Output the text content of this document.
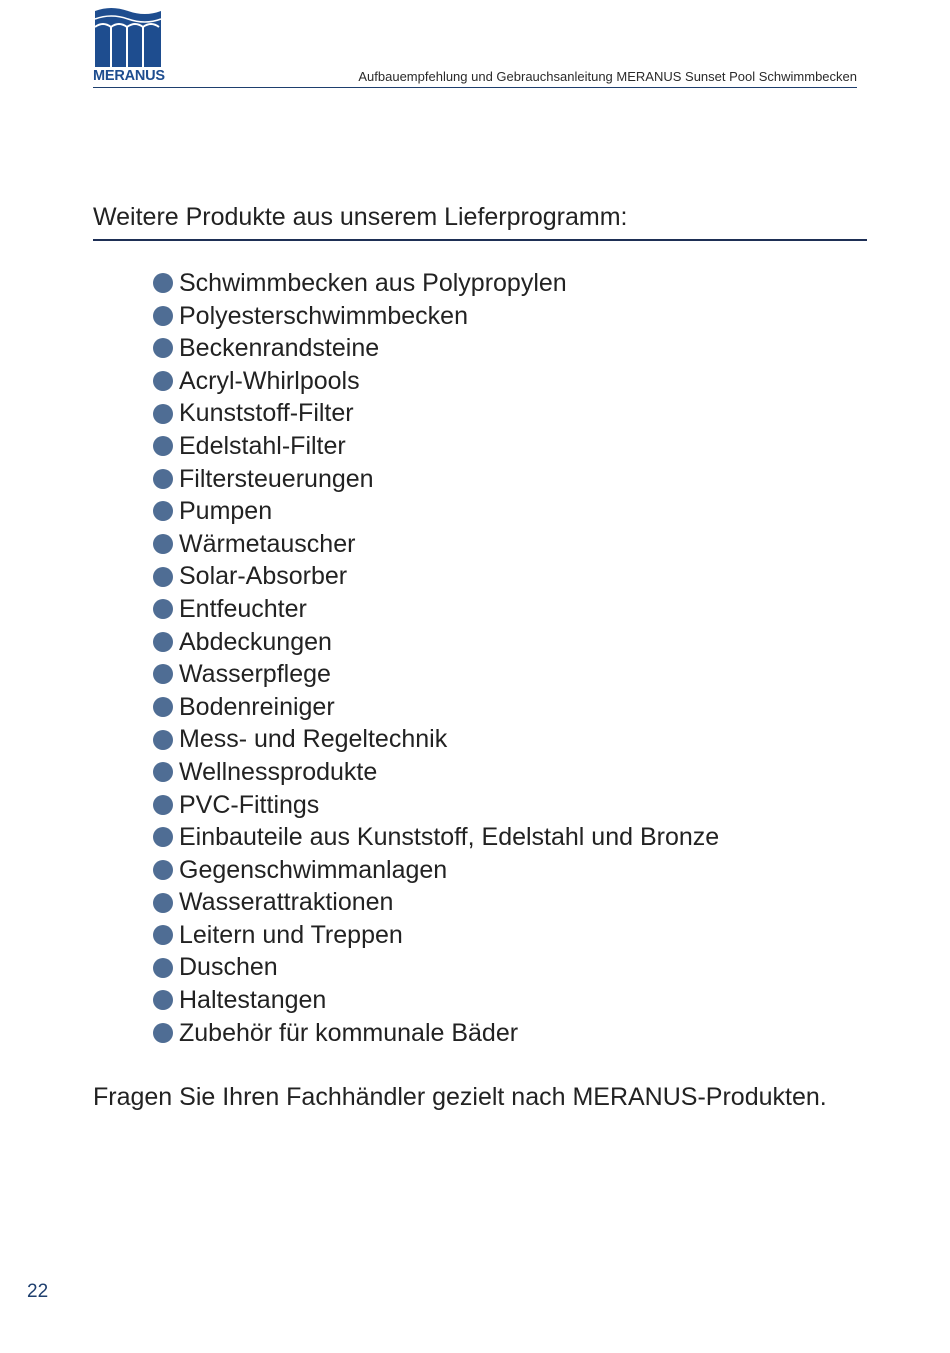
MERANUS	Aufbauempfehlung und Gebrauchsanleitung MERANUS Sunset Pool Schwimmbecken
Weitere Produkte aus unserem Lieferprogramm:
Schwimmbecken aus Polypropylen
Polyesterschwimmbecken
Beckenrandsteine
Acryl-Whirlpools
Kunststoff-Filter
Edelstahl-Filter
Filtersteuerungen
Pumpen
Wärmetauscher
Solar-Absorber
Entfeuchter
Abdeckungen
Wasserpflege
Bodenreiniger
Mess- und Regeltechnik
Wellnessprodukte
PVC-Fittings
Einbauteile aus Kunststoff, Edelstahl und Bronze
Gegenschwimmanlagen
Wasserattraktionen
Leitern und Treppen
Duschen
Haltestangen
Zubehör für kommunale Bäder
Fragen Sie Ihren Fachhändler gezielt nach MERANUS-Produkten.
22
